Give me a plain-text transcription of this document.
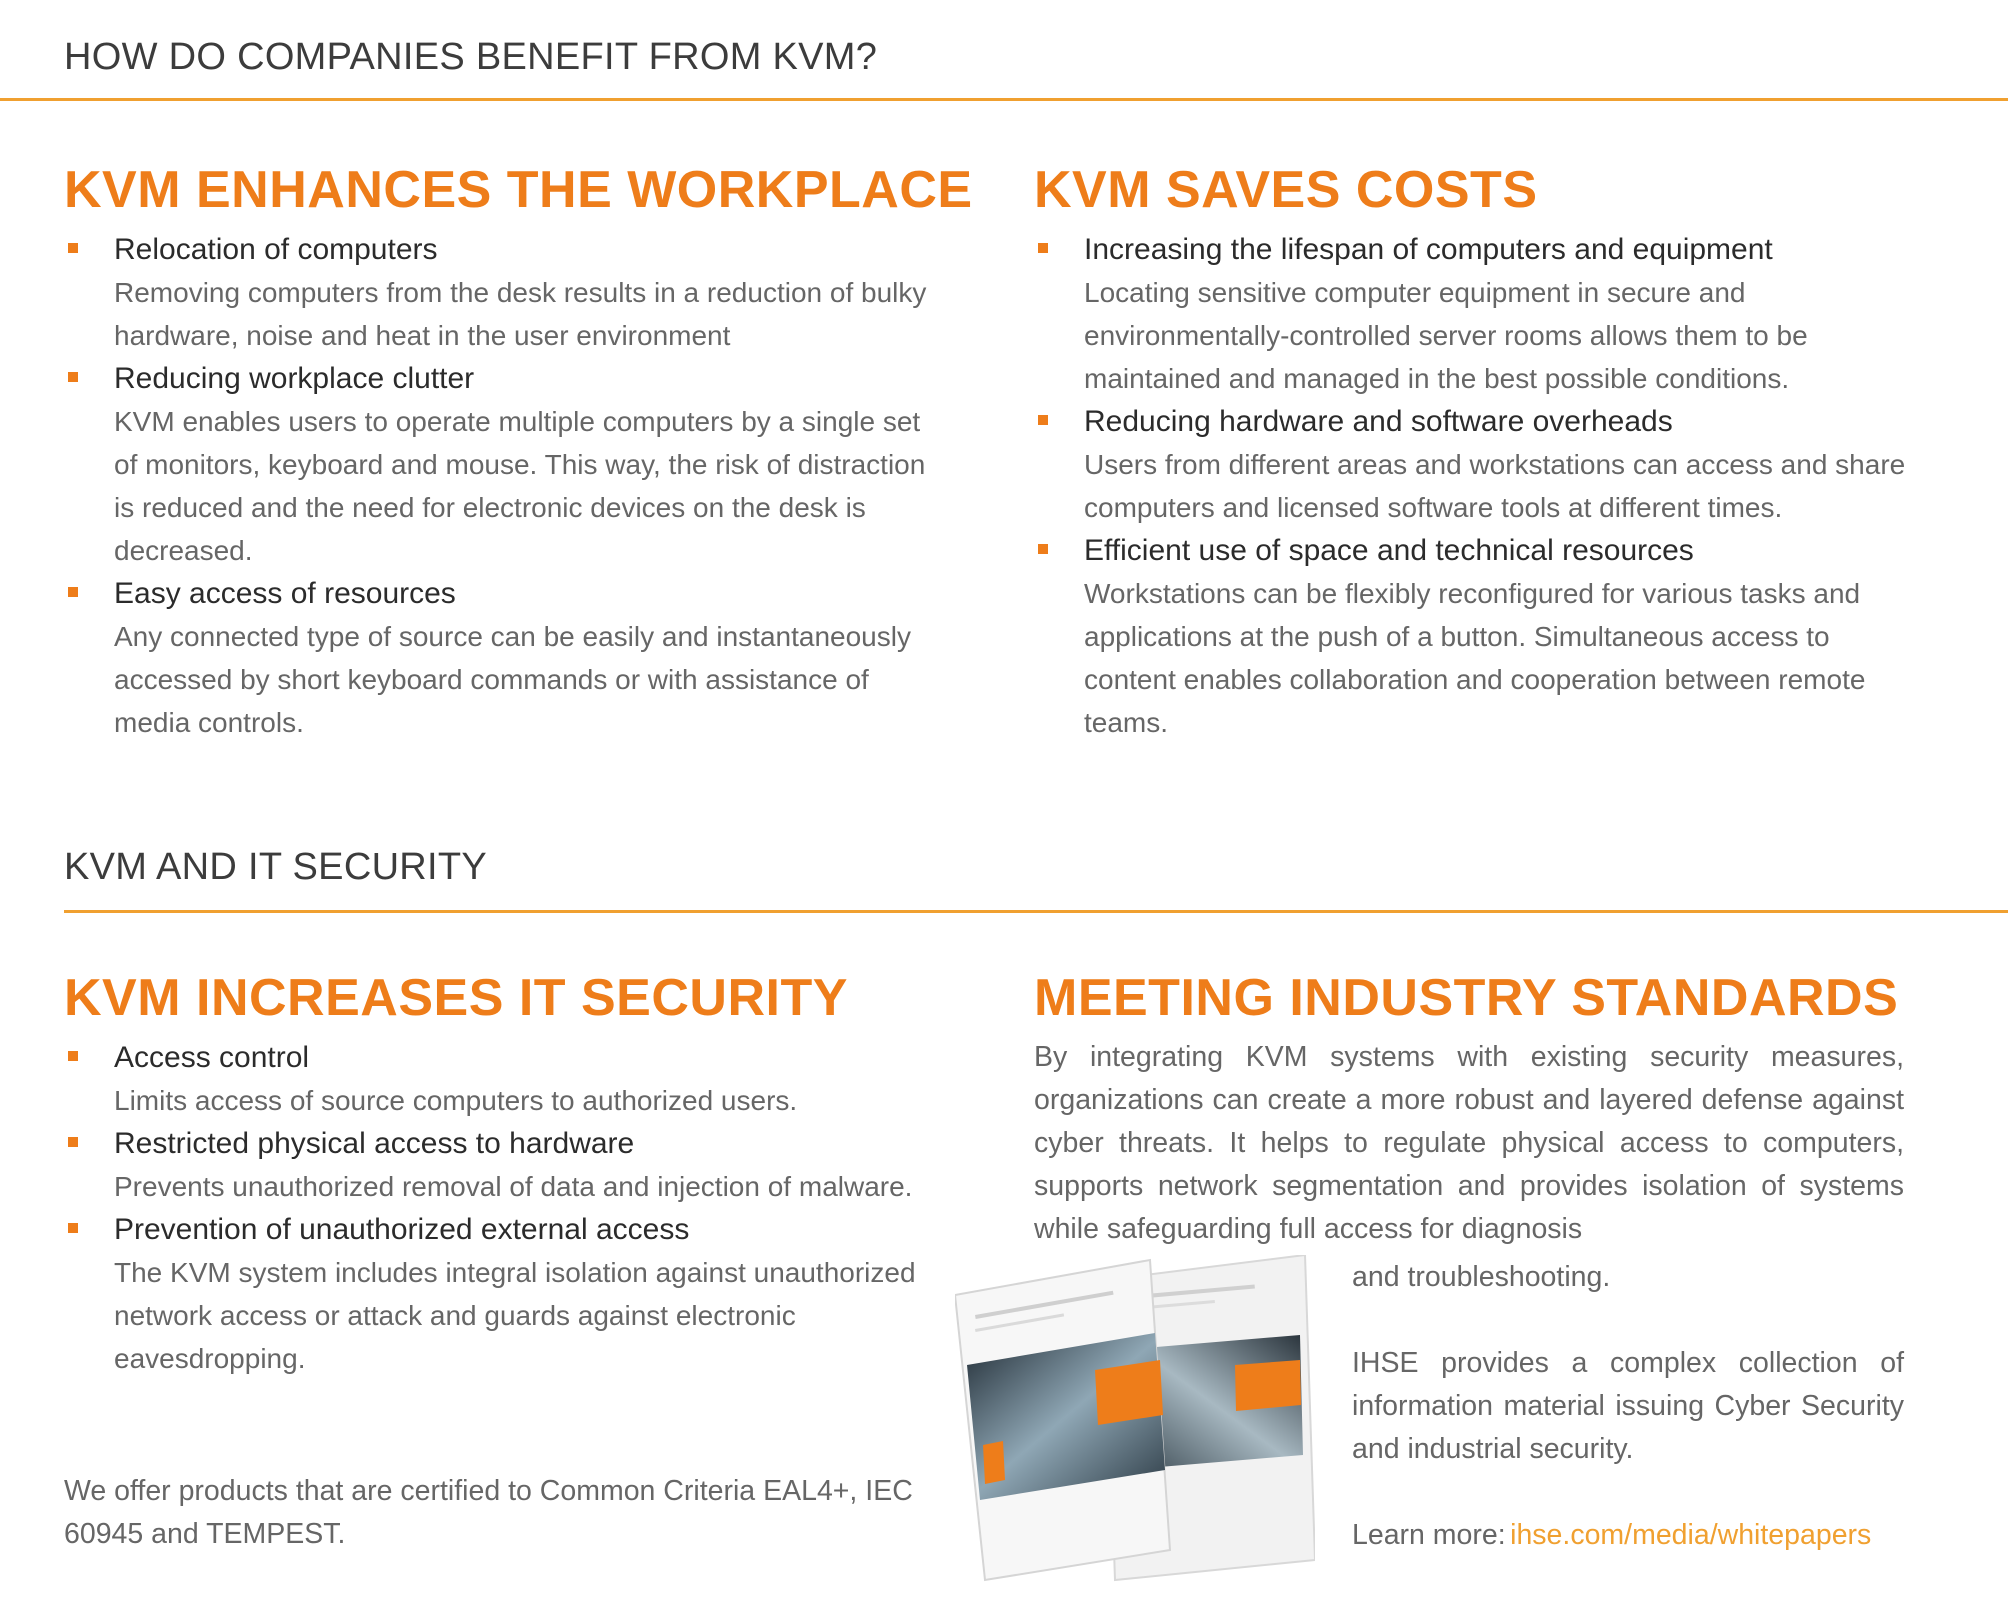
HOW DO COMPANIES BENEFIT FROM KVM?
KVM ENHANCES THE WORKPLACE
Relocation of computers
Removing computers from the desk results in a reduction of bulky hardware, noise and heat in the user environment
Reducing workplace clutter
KVM enables users to operate multiple computers by a single set of monitors, keyboard and mouse. This way, the risk of distraction is reduced and the need for electronic devices on the desk is decreased.
Easy access of resources
Any connected type of source can be easily and instantaneously accessed by short keyboard commands or with assistance of media controls.
KVM SAVES COSTS
Increasing the lifespan of computers and equipment
Locating sensitive computer equipment in secure and environmentally-controlled server rooms allows them to be maintained and managed in the best possible conditions.
Reducing hardware and software overheads
Users from different areas and workstations can access and share computers and licensed software tools at different times.
Efficient use of space and technical resources
Workstations can be flexibly reconfigured for various tasks and applications at the push of a button. Simultaneous access to content enables collaboration and cooperation between remote teams.
KVM AND IT SECURITY
KVM INCREASES IT SECURITY
Access control
Limits access of source computers to authorized users.
Restricted physical access to hardware
Prevents unauthorized removal of data and injection of malware.
Prevention of unauthorized external access
The KVM system includes integral isolation against unauthorized network access or attack and guards against electronic eavesdropping.
We offer products that are certified to Common Criteria EAL4+, IEC 60945 and TEMPEST.
MEETING INDUSTRY STANDARDS

By integrating KVM systems with existing security measures, organizations can create a more robust and layered defense against cyber threats. It helps to regulate physical access to computers, supports network segmentation and provides isolation of systems while safeguarding full access for diagnosis

and troubleshooting.

IHSE provides a complex collection of information material issuing Cyber Security and industrial security.

Learn more: ihse.com/media/whitepapers
